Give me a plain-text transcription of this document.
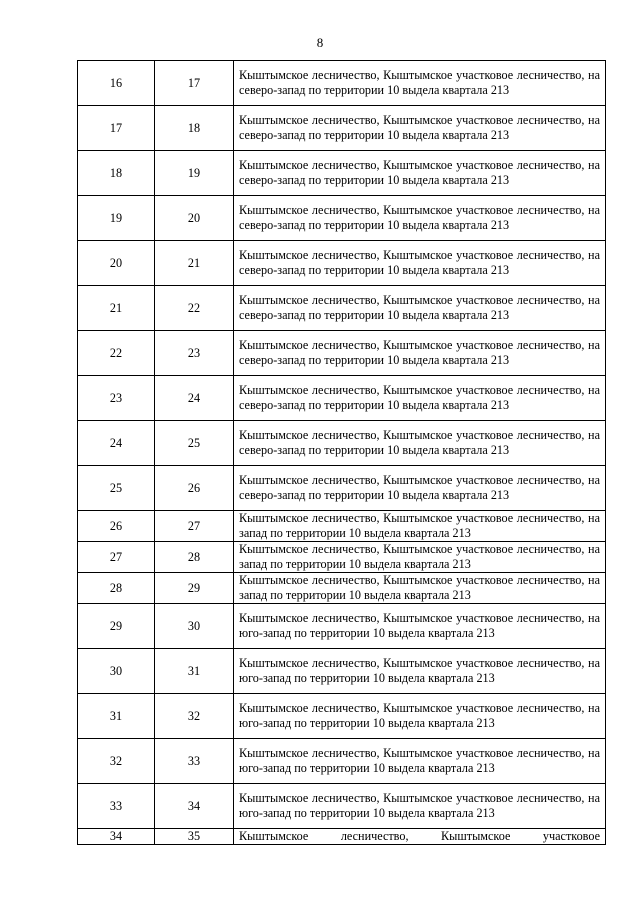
8
16	17	Кыштымское лесничество, Кыштымское участковое лесничество, на северо-запад по территории 10 выдела квартала 213
17	18	Кыштымское лесничество, Кыштымское участковое лесничество, на северо-запад по территории 10 выдела квартала 213
18	19	Кыштымское лесничество, Кыштымское участковое лесничество, на северо-запад по территории 10 выдела квартала 213
19	20	Кыштымское лесничество, Кыштымское участковое лесничество, на северо-запад по территории 10 выдела квартала 213
20	21	Кыштымское лесничество, Кыштымское участковое лесничество, на северо-запад по территории 10 выдела квартала 213
21	22	Кыштымское лесничество, Кыштымское участковое лесничество, на северо-запад по территории 10 выдела квартала 213
22	23	Кыштымское лесничество, Кыштымское участковое лесничество, на северо-запад по территории 10 выдела квартала 213
23	24	Кыштымское лесничество, Кыштымское участковое лесничество, на северо-запад по территории 10 выдела квартала 213
24	25	Кыштымское лесничество, Кыштымское участковое лесничество, на северо-запад по территории 10 выдела квартала 213
25	26	Кыштымское лесничество, Кыштымское участковое лесничество, на северо-запад по территории 10 выдела квартала 213
26	27	Кыштымское лесничество, Кыштымское участковое лесничество, на запад по территории 10 выдела квартала 213
27	28	Кыштымское лесничество, Кыштымское участковое лесничество, на запад по территории 10 выдела квартала 213
28	29	Кыштымское лесничество, Кыштымское участковое лесничество, на запад по территории 10 выдела квартала 213
29	30	Кыштымское лесничество, Кыштымское участковое лесничество, на юго-запад по территории 10 выдела квартала 213
30	31	Кыштымское лесничество, Кыштымское участковое лесничество, на юго-запад по территории 10 выдела квартала 213
31	32	Кыштымское лесничество, Кыштымское участковое лесничество, на юго-запад по территории 10 выдела квартала 213
32	33	Кыштымское лесничество, Кыштымское участковое лесничество, на юго-запад по территории 10 выдела квартала 213
33	34	Кыштымское лесничество, Кыштымское участковое лесничество, на юго-запад по территории 10 выдела квартала 213
34	35	Кыштымское лесничество, Кыштымское участковое
